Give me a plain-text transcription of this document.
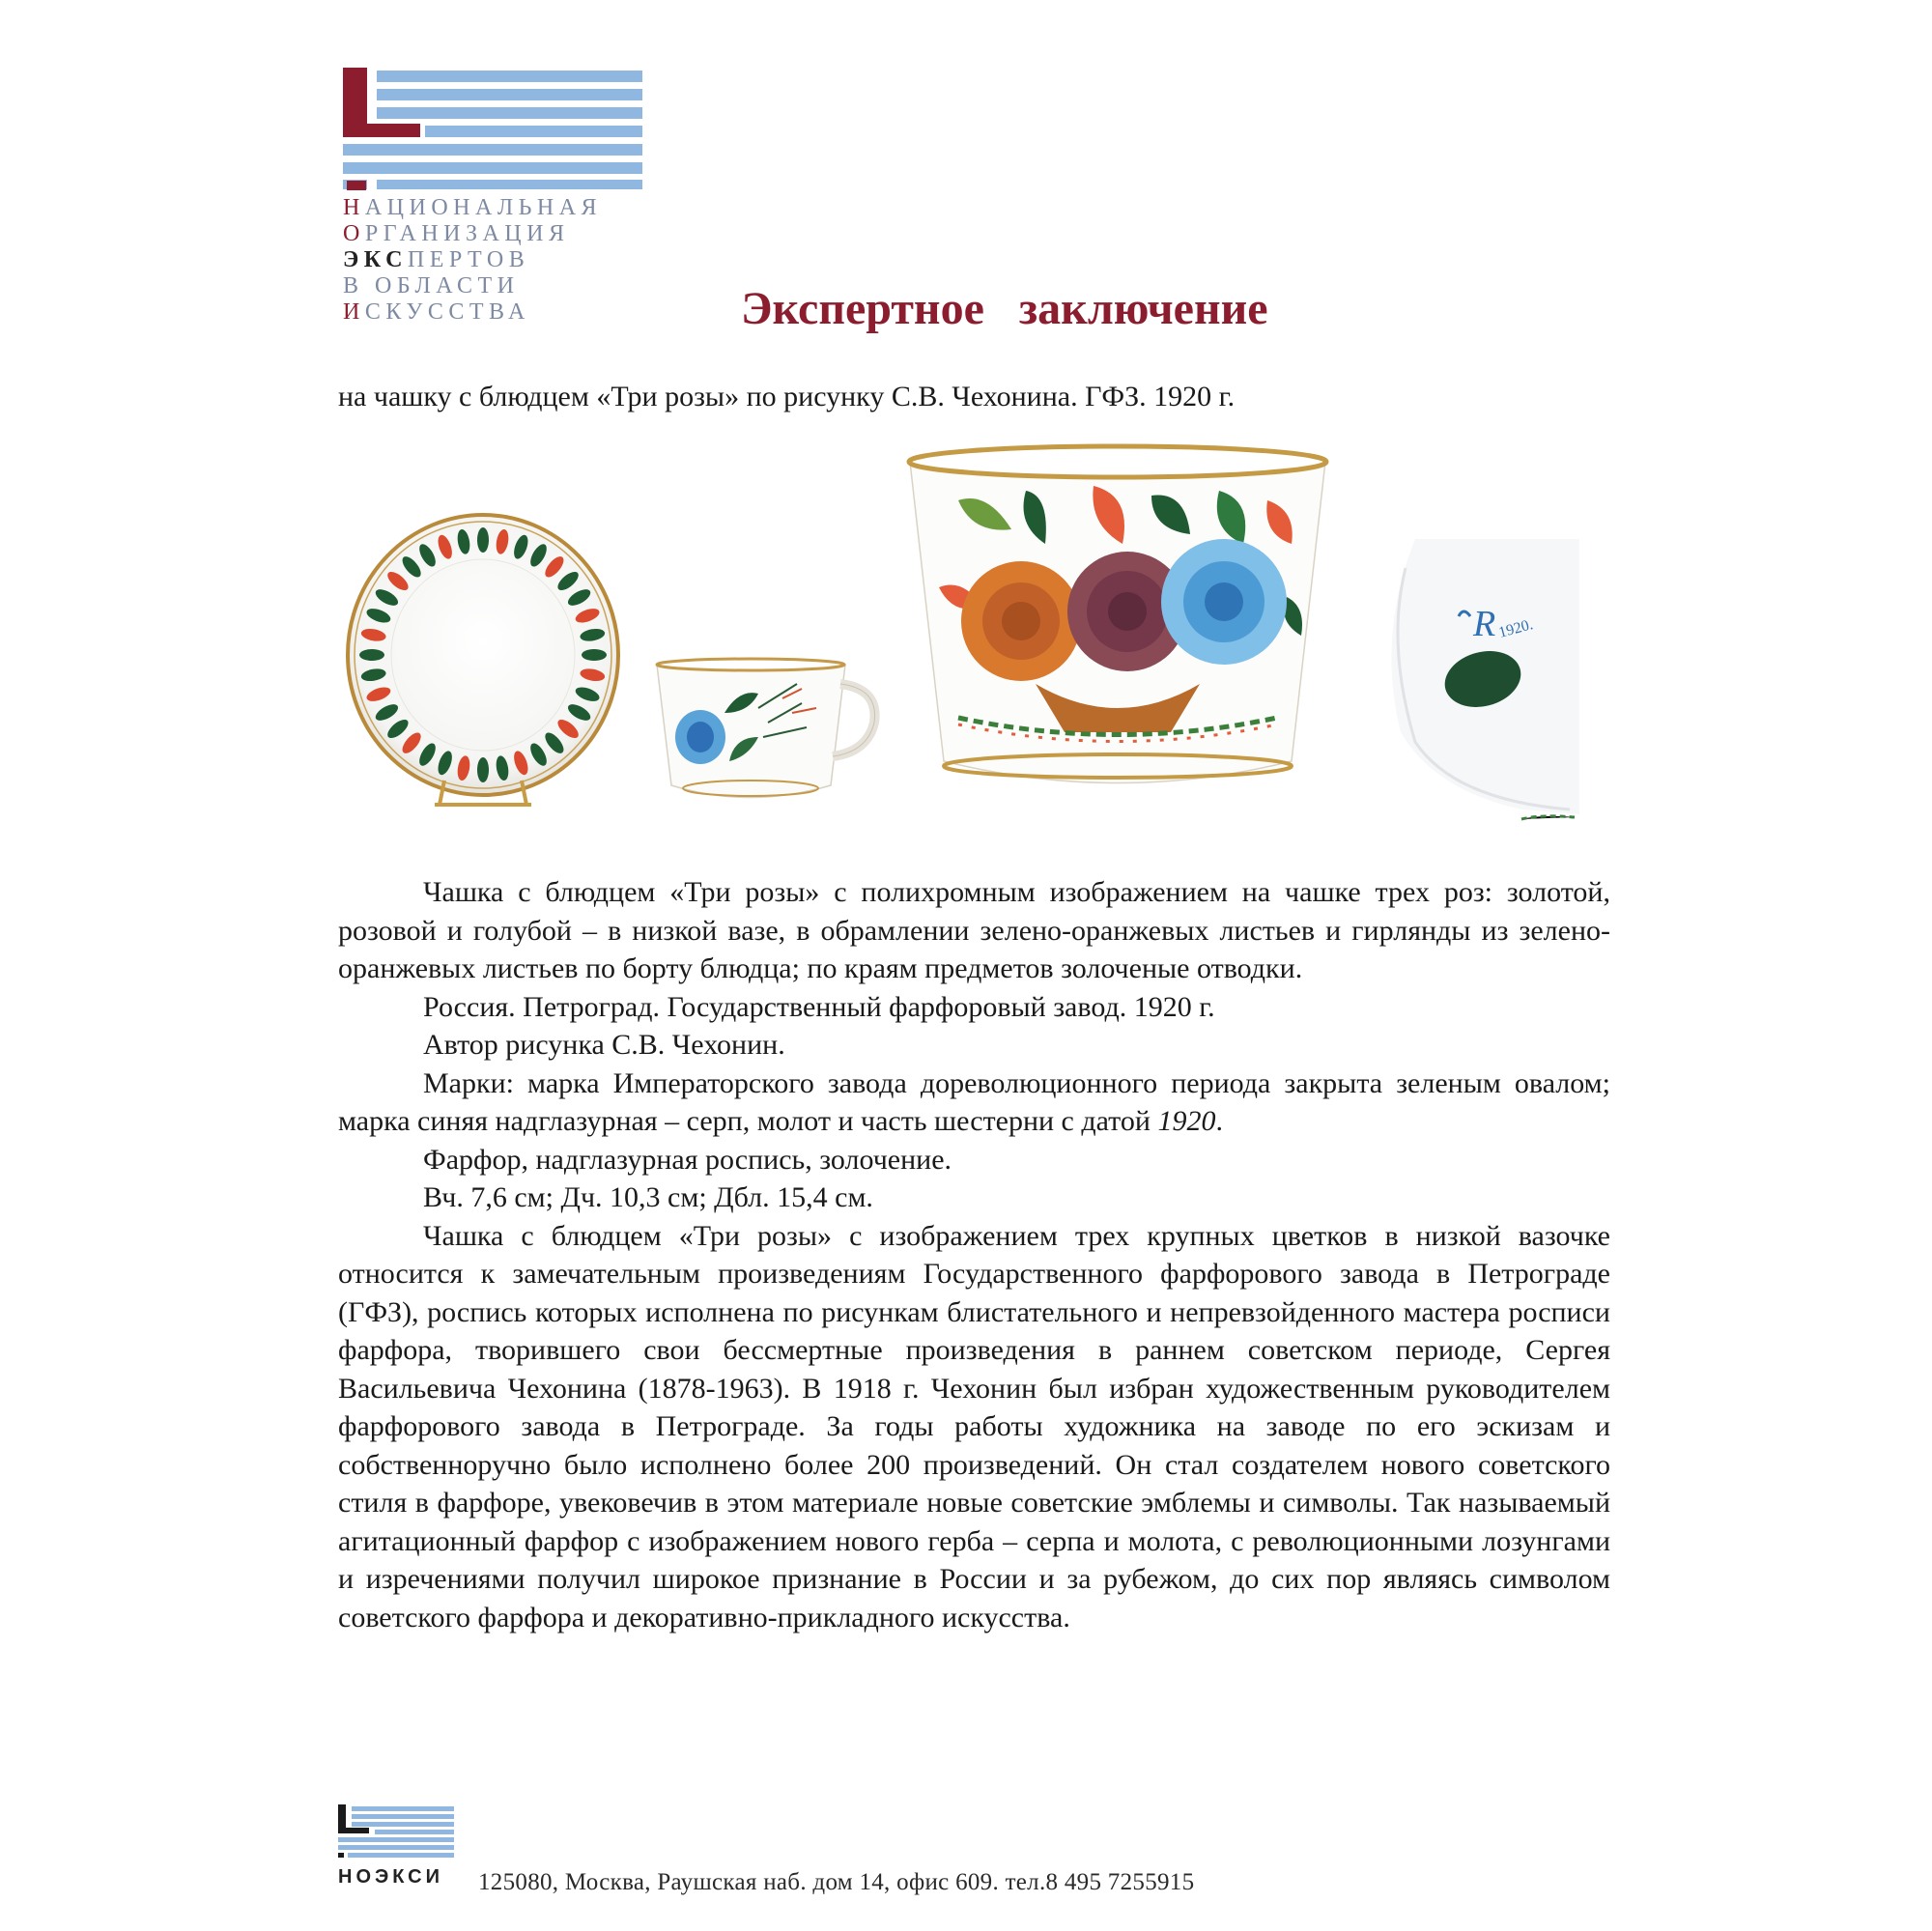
НАЦИОНАЛЬНАЯ
ОРГАНИЗАЦИЯ
ЭКСПЕРТОВ
В ОБЛАСТИ
ИСКУССТВА	Экспертное заключение
на чашку с блюдцем «Три розы» по рисунку С.В. Чехонина. ГФЗ. 1920 г.
R 1920.

Чашка с блюдцем «Три розы» с полихромным изображением на чашке трех роз: золотой, розовой и голубой – в низкой вазе, в обрамлении зелено-оранжевых листьев и гирлянды из зелено-оранжевых листьев по борту блюдца; по краям предметов золоченые отводки.

Россия. Петроград. Государственный фарфоровый завод. 1920 г.

Автор рисунка С.В. Чехонин.

Марки: марка Императорского завода дореволюционного периода закрыта зеленым овалом; марка синяя надглазурная – серп, молот и часть шестерни с датой 1920.

Фарфор, надглазурная роспись, золочение.

Вч. 7,6 см; Дч. 10,3 см; Дбл. 15,4 см.

Чашка с блюдцем «Три розы» с изображением трех крупных цветков в низкой вазочке относится к замечательным произведениям Государственного фарфорового завода в Петрограде (ГФЗ), роспись которых исполнена по рисункам блистательного и непревзойденного мастера росписи фарфора, творившего свои бессмертные произведения в раннем советском периоде, Сергея Васильевича Чехонина (1878-1963). В 1918 г. Чехонин был избран художественным руководителем фарфорового завода в Петрограде. За годы работы художника на заводе по его эскизам и собственноручно было исполнено более 200 произведений. Он стал создателем нового советского стиля в фарфоре, увековечив в этом материале новые советские эмблемы и символы. Так называемый агитационный фарфор с изображением нового герба – серпа и молота, с революционными лозунгами и изречениями получил широкое признание в России и за рубежом, до сих пор являясь символом советского фарфора и декоративно-прикладного искусства.

НОЭКСИ 125080, Москва, Раушская наб. дом 14, офис 609. тел.8 495 7255915
